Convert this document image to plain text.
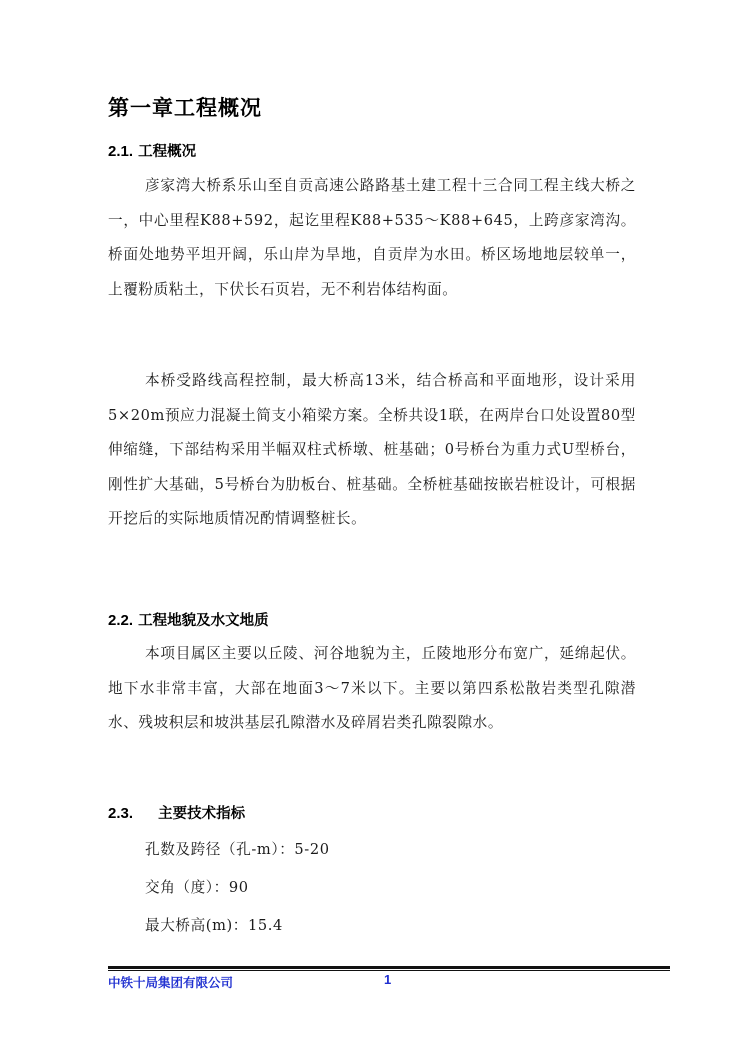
第一章工程概况
2.1. 工程概况

彦家湾大桥系乐山至自贡高速公路路基土建工程十三合同工程主线大桥之一，中心里程K88+592，起讫里程K88+535～K88+645，上跨彦家湾沟。桥面处地势平坦开阔，乐山岸为旱地，自贡岸为水田。桥区场地地层较单一，上覆粉质粘土，下伏长石页岩，无不利岩体结构面。

本桥受路线高程控制，最大桥高13米，结合桥高和平面地形，设计采用5×20m预应力混凝土简支小箱梁方案。全桥共设1联，在两岸台口处设置80型伸缩缝，下部结构采用半幅双柱式桥墩、桩基础；0号桥台为重力式U型桥台，刚性扩大基础，5号桥台为肋板台、桩基础。全桥桩基础按嵌岩桩设计，可根据开挖后的实际地质情况酌情调整桩长。

2.2. 工程地貌及水文地质

本项目属区主要以丘陵、河谷地貌为主，丘陵地形分布宽广，延绵起伏。地下水非常丰富，大部在地面3～7米以下。主要以第四系松散岩类型孔隙潜水、残坡积层和坡洪基层孔隙潜水及碎屑岩类孔隙裂隙水。

2.3. 主要技术指标

孔数及跨径（孔-m）：5-20

交角（度）：90

最大桥高(m)：15.4

中铁十局集团有限公司	1
